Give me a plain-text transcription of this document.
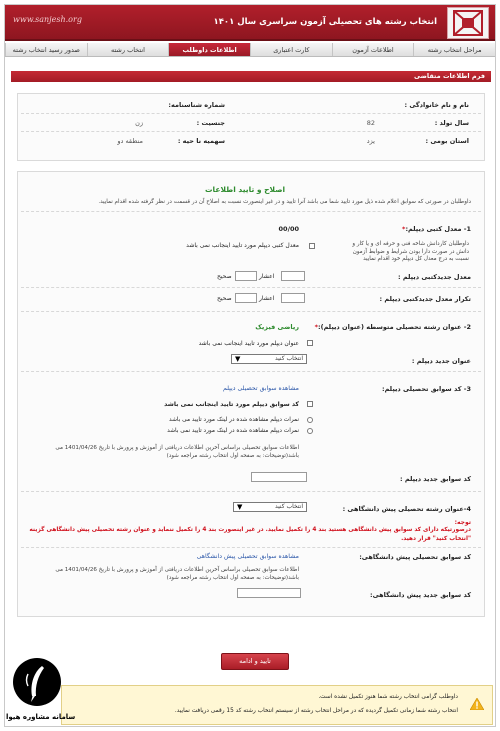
www.sanjesh.org	انتخاب رشته های تحصیلی آزمون سراسری سال ۱۴۰۱
مراحل انتخاب رشته
اطلاعات آزمون
کارت اعتباری
اطلاعات داوطلب
انتخاب رشته
صدور رسید انتخاب رشته
فرم اطلاعات متقاضی
نام و نام خانوادگی :
شماره شناسنامه:
سال تولد :
82
جنسیت :
زن
استان بومی :
یزد
سهمیه نا حیه :
منطقه دو
اصلاح و تایید اطلاعات
داوطلبان در صورتی که سوابق اعلام شده ذیل مورد تایید شما می باشد آنرا تایید و در غیر اینصورت نسبت به اصلاح آن در قسمت در نظر گرفته شده اقدام نمایید.
1- معدل کتبی دیپلم:*
00/00
معدل کتبی دیپلم مورد تایید اینجانب نمی باشد	داوطلبان کاردانش شاخه فنی و حرفه ای و یا کار و دانش در صورت دارا بودن شرایط و ضوابط آزمون نسبت به درج معدل کل دیپلم خود اقدام نمایید
معدل جدیدکتبی دیپلم :
اعشار
صحیح
تکرار معدل جدیدکتبی دیپلم :
اعشار
صحیح
2- عنوان رشته تحصیلی متوسطه (عنوان دیپلم):*
ریاضی فیزیک
عنوان دیپلم مورد تایید اینجانب نمی باشد
عنوان جدید دیپلم :
انتخاب کنید
▼
3- کد سوابق تحصیلی دیپلم:
مشاهده سوابق تحصیلی دیپلم
کد سوابق دیپلم مورد تایید اینجانب نمی باشد
نمرات دیپلم مشاهده شده در لینک مورد تایید می باشد
نمرات دیپلم مشاهده شده در لینک مورد تایید نمی باشد
اطلاعات سوابق تحصیلی براساس آخرین اطلاعات دریافتی از آموزش و پرورش با تاریخ 1401/04/26 می باشد(توضیحات: به صفحه اول انتخاب رشته مراجعه شود)
کد سوابق جدید دیپلم :
4-عنوان رشته تحصیلی پیش دانشگاهی :
انتخاب کنید
▼
توجه:
درصورتیکه دارای کد سوابق پیش دانشگاهی هستید بند 4 را تکمیل نمایید. در غیر اینصورت بند 4 را تکمیل ننماید و عنوان رشته تحصیلی پیش دانشگاهی گزینه
"انتخاب کنید" قرار دهید.
کد سوابق تحصیلی پیش دانشگاهی:
مشاهده سوابق تحصیلی پیش دانشگاهی
اطلاعات سوابق تحصیلی براساس آخرین اطلاعات دریافتی از آموزش و پرورش با تاریخ 1401/04/26 می باشد(توضیحات: به صفحه اول انتخاب رشته مراجعه شود)
کد سوابق جدید پیش دانشگاهی:
تایید و ادامه
داوطلب گرامی انتخاب رشته شما هنوز تکمیل نشده است.
انتخاب رشته شما زمانی تکمیل گردیده که در مراحل انتخاب رشته از سیستم انتخاب رشته کد 15 رقمی دریافت نمایید.
سامانه مشاوره هیوا
